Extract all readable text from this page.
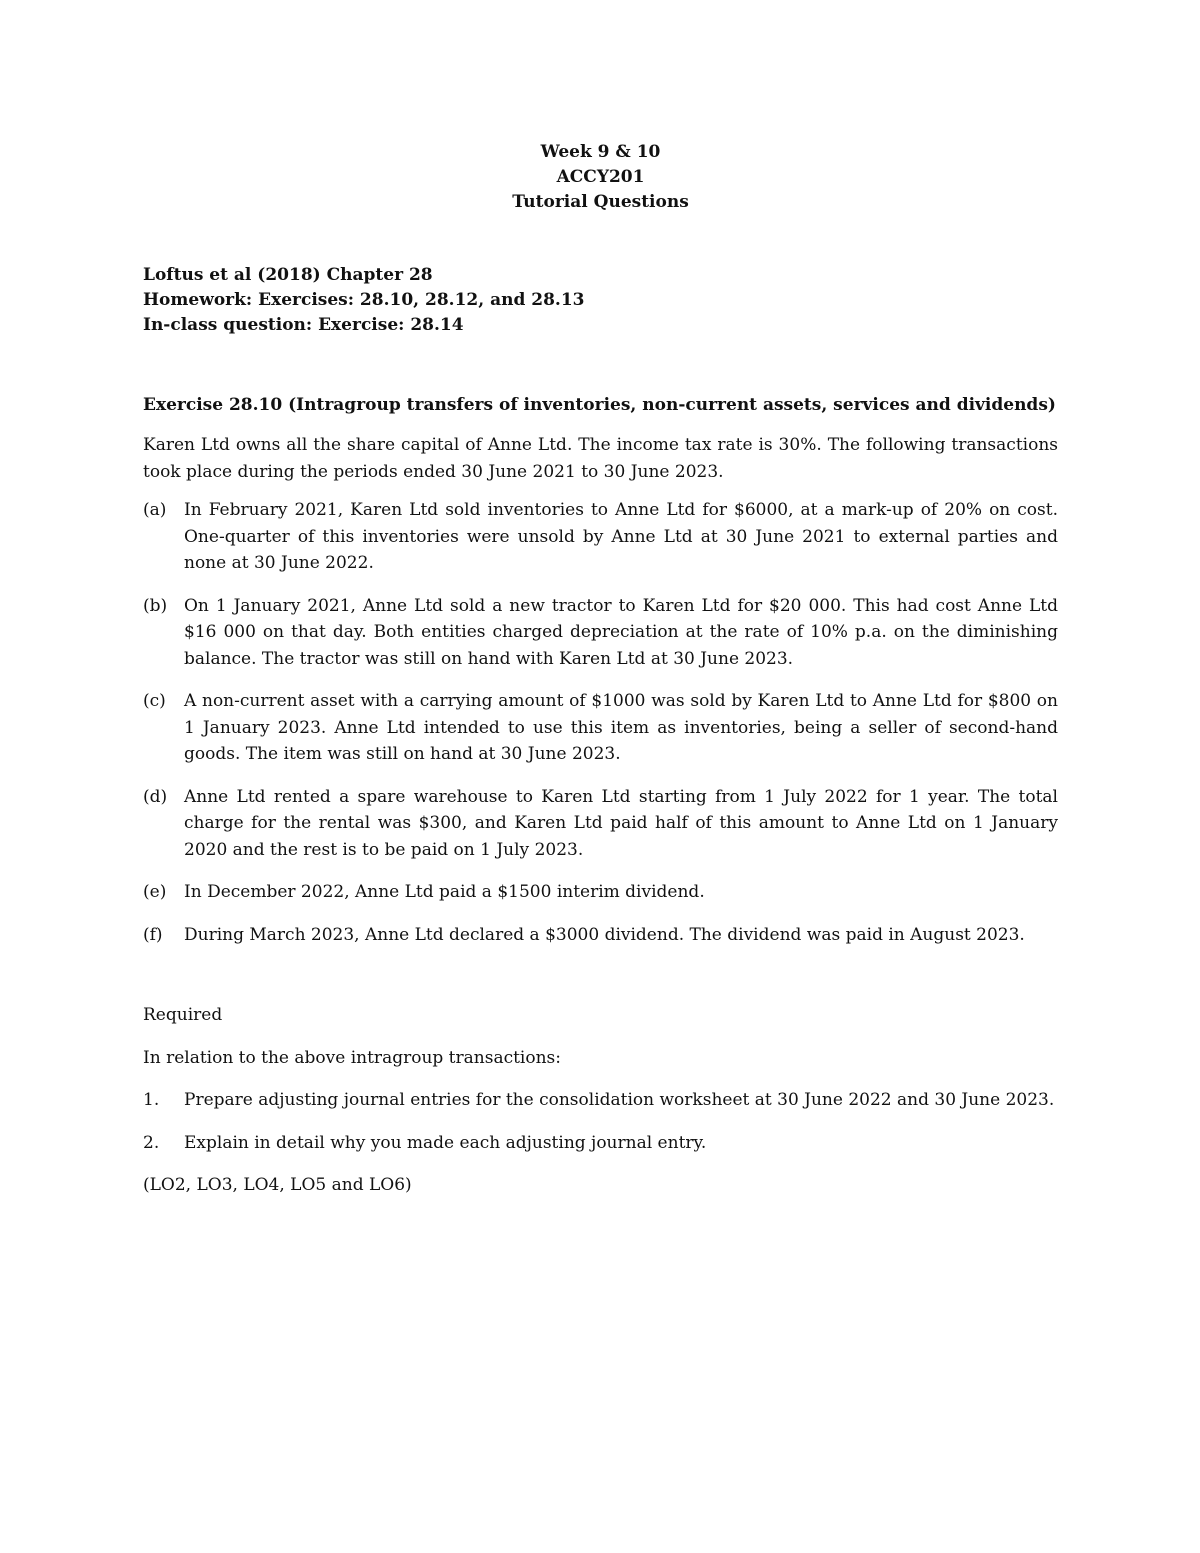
Week 9 & 10
ACCY201
Tutorial Questions
Loftus et al (2018) Chapter 28
Homework: Exercises: 28.10, 28.12, and 28.13
In-class question: Exercise: 28.14
Exercise 28.10 (Intragroup transfers of inventories, non-current assets, services and dividends)
Karen Ltd owns all the share capital of Anne Ltd. The income tax rate is 30%. The following transactions took place during the periods ended 30 June 2021 to 30 June 2023.
(a)	In February 2021, Karen Ltd sold inventories to Anne Ltd for $6000, at a mark-up of 20% on cost. One-quarter of this inventories were unsold by Anne Ltd at 30 June 2021 to external parties and none at 30 June 2022.
(b) On 1 January 2021, Anne Ltd sold a new tractor to Karen Ltd for $20 000. This had cost Anne Ltd $16 000 on that day. Both entities charged depreciation at the rate of 10% p.a. on the diminishing balance. The tractor was still on hand with Karen Ltd at 30 June 2023.
(c)	A non-current asset with a carrying amount of $1000 was sold by Karen Ltd to Anne Ltd for $800 on 1 January 2023. Anne Ltd intended to use this item as inventories, being a seller of second-hand goods. The item was still on hand at 30 June 2023.
(d) Anne Ltd rented a spare warehouse to Karen Ltd starting from 1 July 2022 for 1 year. The total charge for the rental was $300, and Karen Ltd paid half of this amount to Anne Ltd on 1 January 2020 and the rest is to be paid on 1 July 2023.
(e)	In December 2022, Anne Ltd paid a $1500 interim dividend.
(f)	During March 2023, Anne Ltd declared a $3000 dividend. The dividend was paid in August 2023.
Required
In relation to the above intragroup transactions:
1.	Prepare adjusting journal entries for the consolidation worksheet at 30 June 2022 and 30 June 2023.
2.	Explain in detail why you made each adjusting journal entry.
(LO2, LO3, LO4, LO5 and LO6)
